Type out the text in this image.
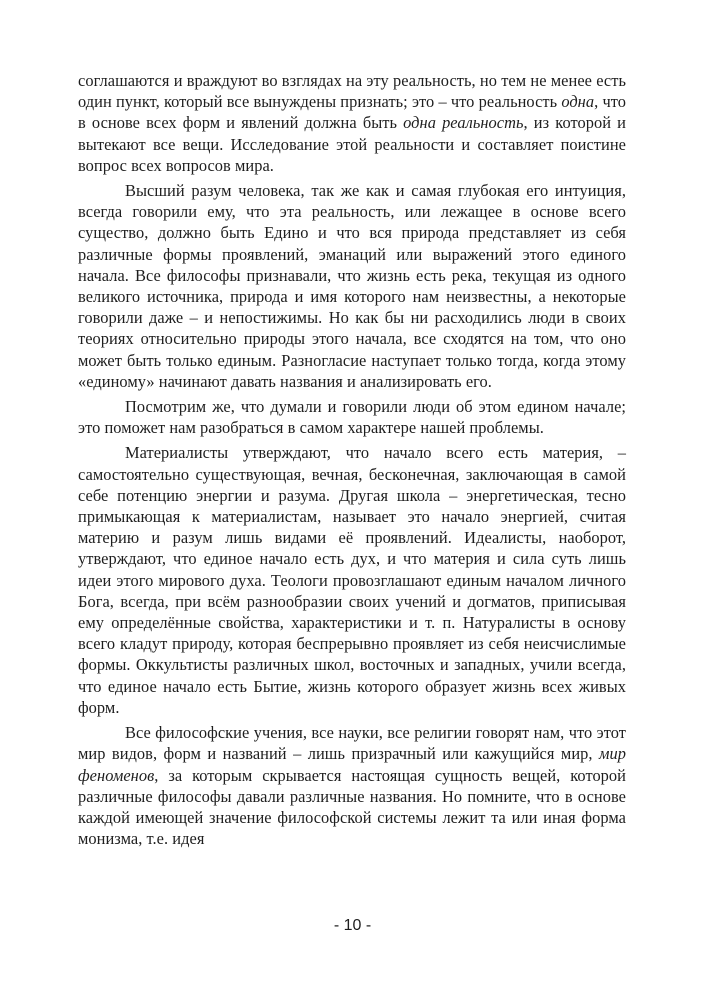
соглашаются и враждуют во взглядах на эту реальность, но тем не менее есть один пункт, который все вынуждены признать; это – что реальность одна, что в основе всех форм и явлений должна быть одна реальность, из которой и вытекают все вещи. Исследование этой реальности и составляет поистине вопрос всех вопросов мира.

Высший разум человека, так же как и самая глубокая его интуиция, всегда говорили ему, что эта реальность, или лежащее в основе всего существо, должно быть Едино и что вся природа представляет из себя различные формы проявлений, эманаций или выражений этого единого начала. Все философы признавали, что жизнь есть река, текущая из одного великого источника, природа и имя которого нам неизвестны, а некоторые говорили даже – и непостижимы. Но как бы ни расходились люди в своих теориях относительно природы этого начала, все сходятся на том, что оно может быть только единым. Разногласие наступает только тогда, когда этому «единому» начинают давать названия и анализировать его.

Посмотрим же, что думали и говорили люди об этом едином начале; это поможет нам разобраться в самом характере нашей проблемы.

Материалисты утверждают, что начало всего есть материя, – самостоятельно существующая, вечная, бесконечная, заключающая в самой себе потенцию энергии и разума. Другая школа – энергетическая, тесно примыкающая к материалистам, называет это начало энергией, считая материю и разум лишь видами её проявлений. Идеалисты, наоборот, утверждают, что единое начало есть дух, и что материя и сила суть лишь идеи этого мирового духа. Теологи провозглашают единым началом личного Бога, всегда, при всём разнообразии своих учений и догматов, приписывая ему определённые свойства, характеристики и т. п. Натуралисты в основу всего кладут природу, которая беспрерывно проявляет из себя неисчислимые формы. Оккультисты различных школ, восточных и западных, учили всегда, что единое начало есть Бытие, жизнь которого образует жизнь всех живых форм.

Все философские учения, все науки, все религии говорят нам, что этот мир видов, форм и названий – лишь призрачный или кажущийся мир, мир феноменов, за которым скрывается настоящая сущность вещей, которой различные философы давали различные названия. Но помните, что в основе каждой имеющей значение философской системы лежит та или иная форма монизма, т.е. идея

- 10 -
